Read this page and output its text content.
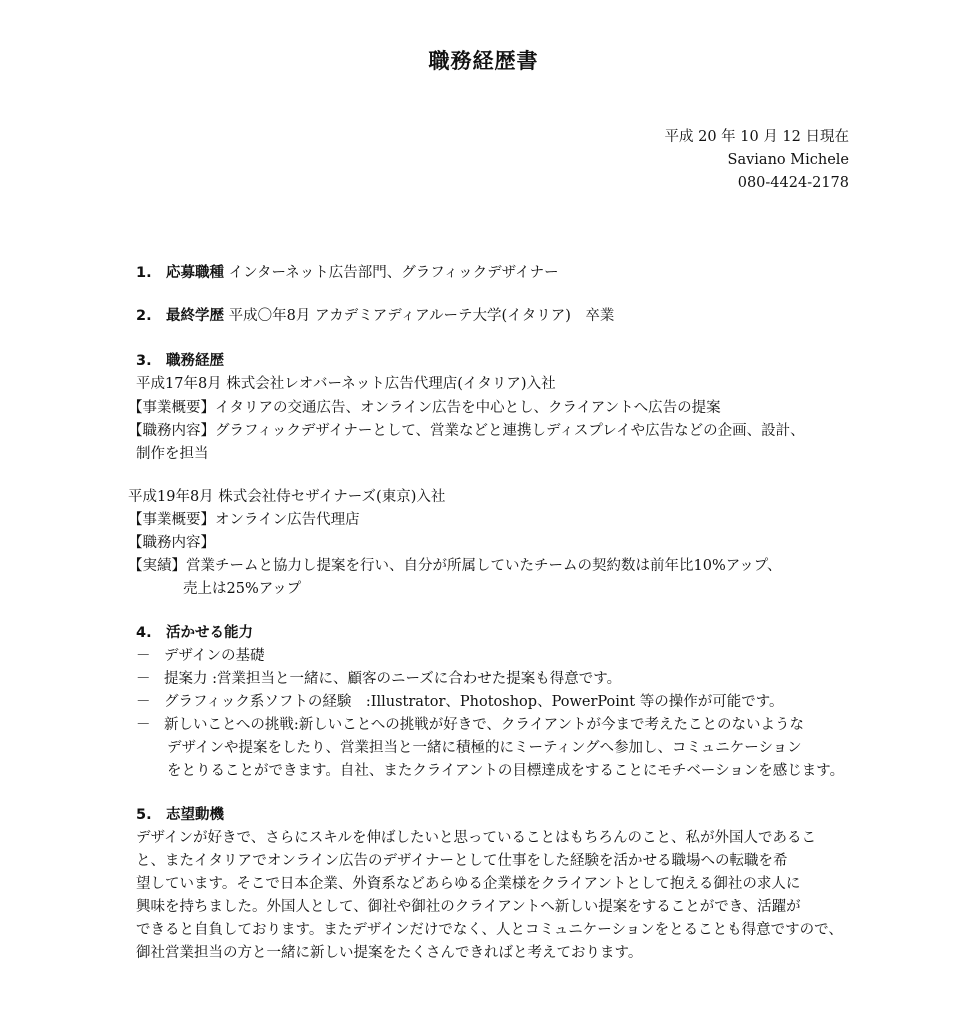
職務経歴書
平成 20 年 10 月 12 日現在
Saviano Michele
080-4424-2178
1. 応募職種 インターネット広告部門、グラフィックデザイナー
2. 最終学歴 平成〇年8月 アカデミアディアルーテ大学(イタリア)　卒業
3. 職務経歴
平成17年8月 株式会社レオバーネット広告代理店(イタリア)入社
【事業概要】イタリアの交通広告、オンライン広告を中心とし、クライアントへ広告の提案
【職務内容】グラフィックデザイナーとして、営業などと連携しディスプレイや広告などの企画、設計、
制作を担当
平成19年8月 株式会社侍セザイナーズ(東京)入社
【事業概要】オンライン広告代理店
【職務内容】
【実績】営業チームと協力し提案を行い、自分が所属していたチームの契約数は前年比10%アップ、
売上は25%アップ
4. 活かせる能力
－ デザインの基礎
－ 提案力 :営業担当と一緒に、顧客のニーズに合わせた提案も得意です。
－ グラフィック系ソフトの経験　:Illustrator、Photoshop、PowerPoint 等の操作が可能です。
－ 新しいことへの挑戦:新しいことへの挑戦が好きで、クライアントが今まで考えたことのないような
デザインや提案をしたり、営業担当と一緒に積極的にミーティングへ参加し、コミュニケーション
をとりることができます。自社、またクライアントの目標達成をすることにモチベーションを感じます。
5. 志望動機
デザインが好きで、さらにスキルを伸ばしたいと思っていることはもちろんのこと、私が外国人であるこ
と、またイタリアでオンライン広告のデザイナーとして仕事をした経験を活かせる職場への転職を希
望しています。そこで日本企業、外資系などあらゆる企業様をクライアントとして抱える御社の求人に
興味を持ちました。外国人として、御社や御社のクライアントへ新しい提案をすることができ、活躍が
できると自負しております。またデザインだけでなく、人とコミュニケーションをとることも得意ですので、
御社営業担当の方と一緒に新しい提案をたくさんできればと考えております。
